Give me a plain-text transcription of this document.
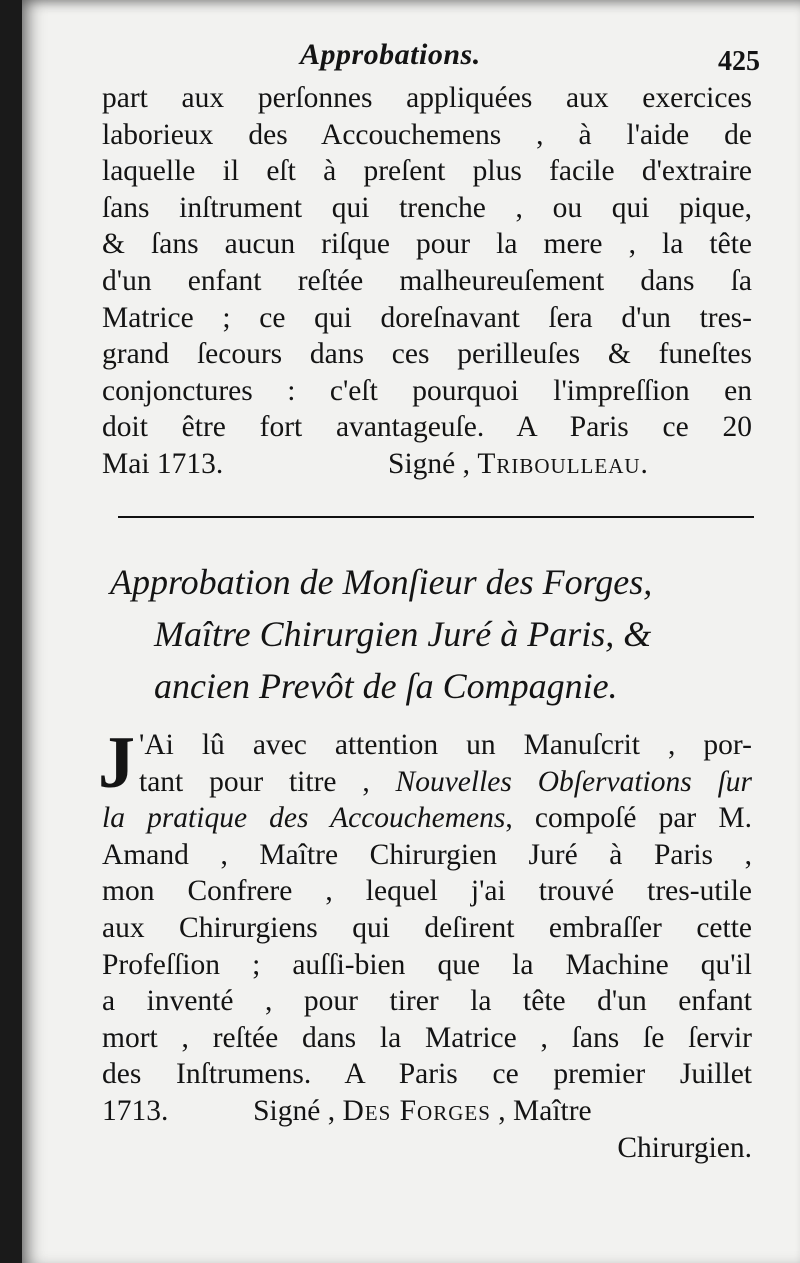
Approbations.	425
part aux perſonnes appliquées aux exercices
laborieux des Accouchemens , à l'aide de
laquelle il eſt à preſent plus facile d'extraire
ſans inſtrument qui trenche , ou qui pique,
& ſans aucun riſque pour la mere , la tête
d'un enfant reſtée malheureuſement dans ſa
Matrice ; ce qui doreſnavant ſera d'un tres-
grand ſecours dans ces perilleuſes & funeſtes
conjonctures : c'eſt pourquoi l'impreſſion en
doit être fort avantageuſe. A Paris ce 20
Mai 1713.	Signé , Triboulleau.
Approbation de Monſieur des Forges,
Maître Chirurgien Juré à Paris, &
ancien Prevôt de ſa Compagnie.
J 'Ai lû avec attention un Manuſcrit , por-
tant pour titre , Nouvelles Obſervations ſur
la pratique des Accouchemens, compoſé par M.
Amand , Maître Chirurgien Juré à Paris ,
mon Confrere , lequel j'ai trouvé tres-utile
aux Chirurgiens qui deſirent embraſſer cette
Profeſſion ; auſſi-bien que la Machine qu'il
a inventé , pour tirer la tête d'un enfant
mort , reſtée dans la Matrice , ſans ſe ſervir
des Inſtrumens. A Paris ce premier Juillet
1713.	Signé , Des Forges , Maître
Chirurgien.
